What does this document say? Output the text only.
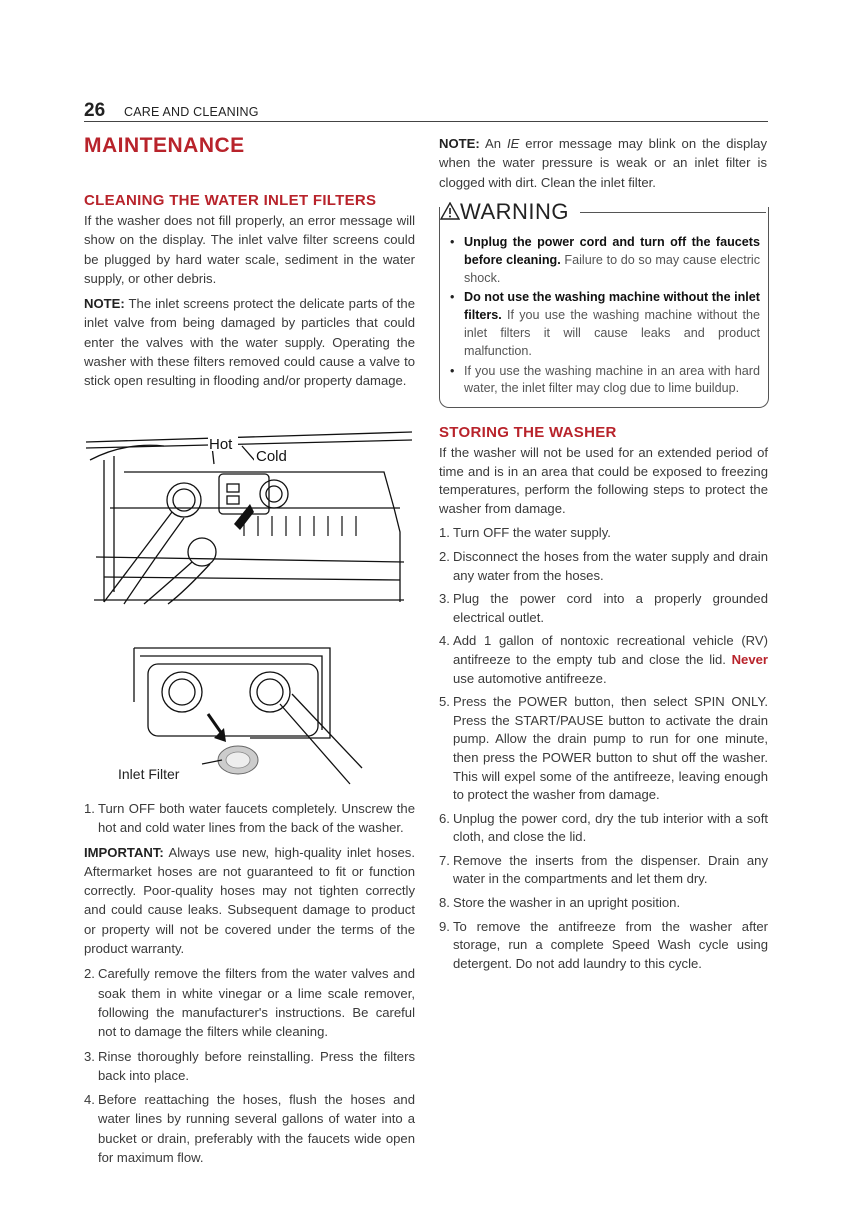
26 CARE AND CLEANING
MAINTENANCE
CLEANING THE WATER INLET FILTERS

If the washer does not fill properly, an error message will show on the display. The inlet valve filter screens could be plugged by hard water scale, sediment in the water supply, or other debris.

NOTE: The inlet screens protect the delicate parts of the inlet valve from being damaged by particles that could enter the valves with the water supply. Operating the washer with these filters removed could cause a valve to stick open resulting in flooding and/or property damage.

Hot
Cold
Inlet Filter
1. Turn OFF both water faucets completely. Unscrew the hot and cold water lines from the back of the washer.

IMPORTANT: Always use new, high-quality inlet hoses. Aftermarket hoses are not guaranteed to fit or function correctly. Poor-quality hoses may not tighten correctly and could cause leaks. Subsequent damage to product or property will not be covered under the terms of the product warranty.

2. Carefully remove the filters from the water valves and soak them in white vinegar or a lime scale remover, following the manufacturer's instructions. Be careful not to damage the filters while cleaning.
3. Rinse thoroughly before reinstalling. Press the filters back into place.
4. Before reattaching the hoses, flush the hoses and water lines by running several gallons of water into a bucket or drain, preferably with the faucets wide open for maximum flow.
NOTE: An IE error message may blink on the display when the water pressure is weak or an inlet filter is clogged with dirt. Clean the inlet filter.
WARNING
• Unplug the power cord and turn off the faucets before cleaning. Failure to do so may cause electric shock.
• Do not use the washing machine without the inlet filters. If you use the washing machine without the inlet filters it will cause leaks and product malfunction.
• If you use the washing machine in an area with hard water, the inlet filter may clog due to lime buildup.
STORING THE WASHER

If the washer will not be used for an extended period of time and is in an area that could be exposed to freezing temperatures, perform the following steps to protect the washer from damage.

1. Turn OFF the water supply.
2. Disconnect the hoses from the water supply and drain any water from the hoses.
3. Plug the power cord into a properly grounded electrical outlet.
4. Add 1 gallon of nontoxic recreational vehicle (RV) antifreeze to the empty tub and close the lid. Never use automotive antifreeze.
5. Press the POWER button, then select SPIN ONLY. Press the START/PAUSE button to activate the drain pump. Allow the drain pump to run for one minute, then press the POWER button to shut off the washer. This will expel some of the antifreeze, leaving enough to protect the washer from damage.
6. Unplug the power cord, dry the tub interior with a soft cloth, and close the lid.
7. Remove the inserts from the dispenser. Drain any water in the compartments and let them dry.
8. Store the washer in an upright position.
9. To remove the antifreeze from the washer after storage, run a complete Speed Wash cycle using detergent. Do not add laundry to this cycle.
